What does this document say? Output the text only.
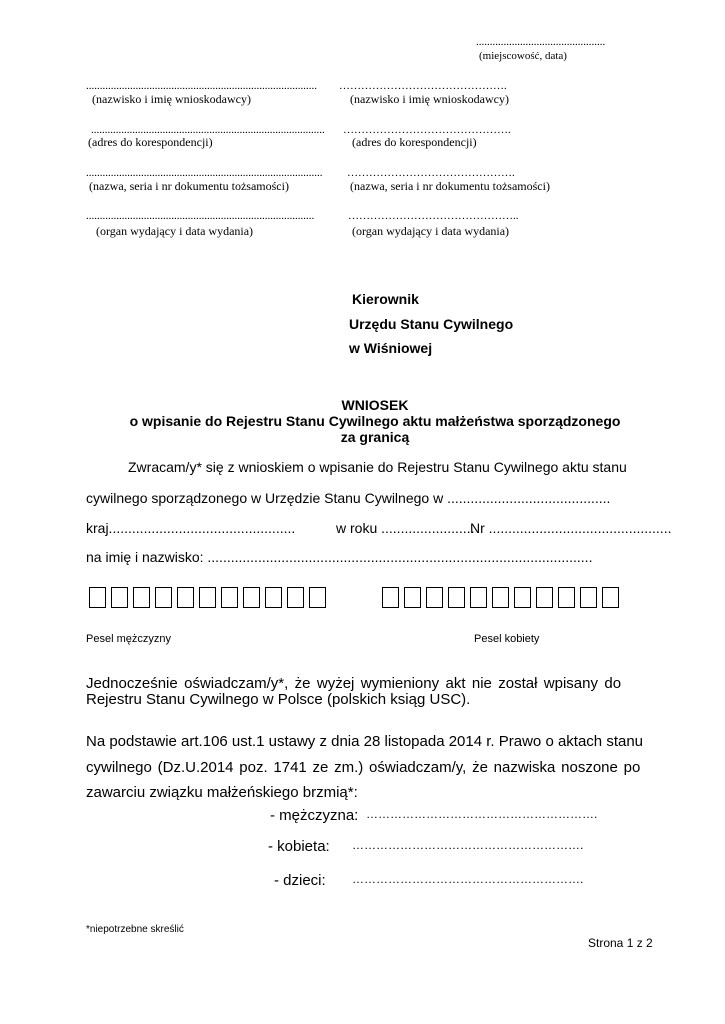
...............................................
(miejscowość, data)
....................................................................................
(nazwisko i imię wnioskodawcy)
.....................................................................................
(adres do korespondencji)
......................................................................................
(nazwa, seria i nr dokumentu tożsamości)
...................................................................................
(organ wydający i data wydania)
……………………………………….
(nazwisko i imię wnioskodawcy)
……………………………………….
(adres do korespondencji)
……………………………………….
(nazwa, seria i nr dokumentu tożsamości)
………………………………………..
(organ wydający i data wydania)
Kierownik
Urzędu Stanu Cywilnego
w Wiśniowej
WNIOSEK
o wpisanie do Rejestru Stanu Cywilnego aktu małżeństwa sporządzonego
za granicą
Zwracam/y* się z wnioskiem o wpisanie do Rejestru Stanu Cywilnego aktu stanu
cywilnego sporządzonego w Urzędzie Stanu Cywilnego w ..........................................
kraj................................................	w roku ........................
Nr ...............................................
na imię i nazwisko: ...................................................................................................
Pesel mężczyzny	Pesel kobiety
Jednocześnie oświadczam/y*, że wyżej wymieniony akt nie został wpisany do
Rejestru Stanu Cywilnego w Polsce (polskich ksiąg USC).
Na podstawie art.106 ust.1 ustawy z dnia 28 listopada 2014 r. Prawo o aktach stanu
cywilnego (Dz.U.2014 poz. 1741 ze zm.) oświadczam/y, że nazwiska noszone po
zawarciu związku małżeńskiego brzmią*:
- mężczyzna: ………………………………………………….
- kobieta: ………………………………………………….
- dzieci: ………………………………………………….
*niepotrzebne skreślić
Strona 1 z 2
